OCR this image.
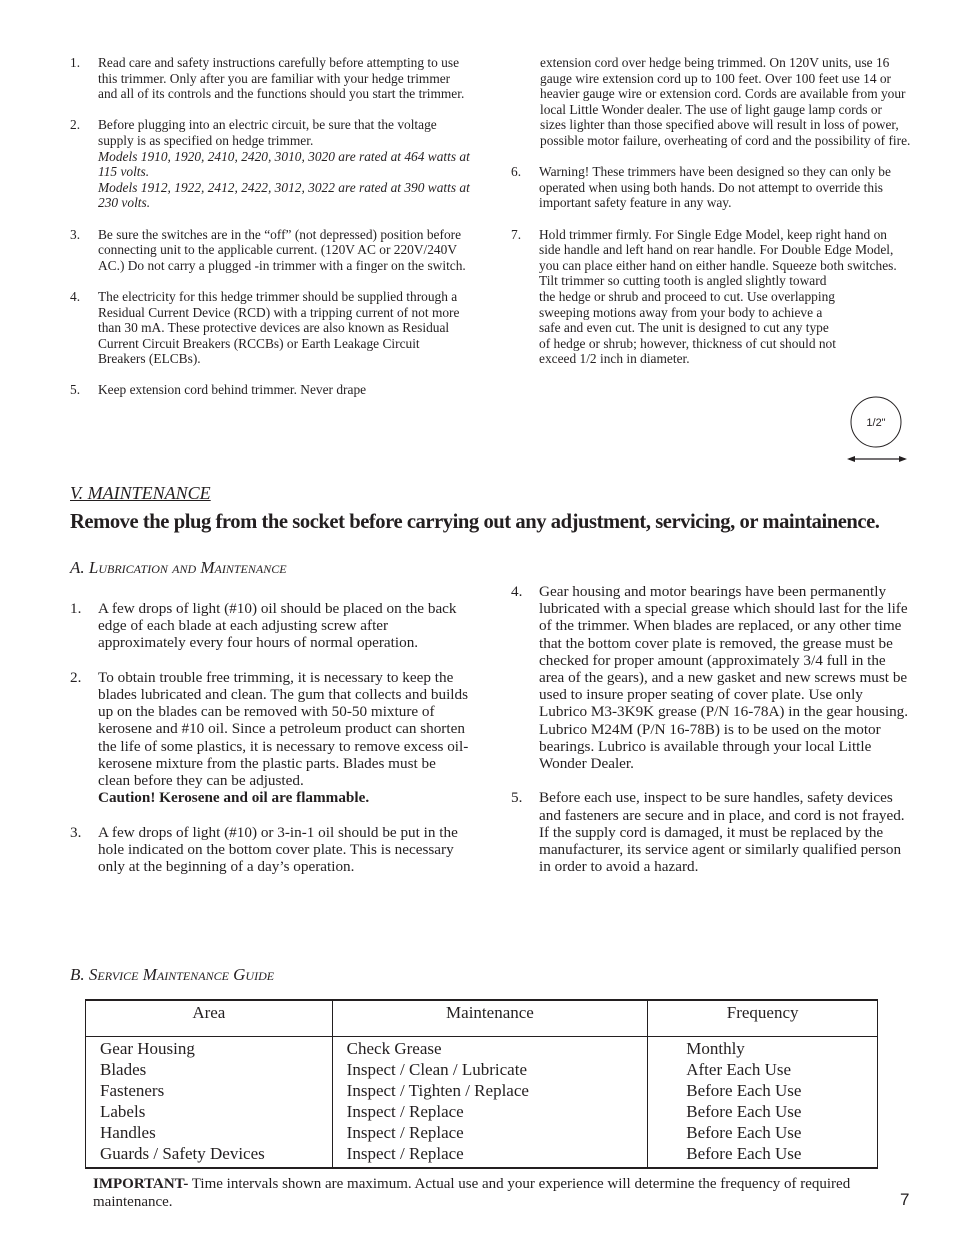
1. Read care and safety instructions carefully before attempting to use this trimmer. Only after you are familiar with your hedge trimmer and all of its controls and the functions should you start the trimmer.
2. Before plugging into an electric circuit, be sure that the voltage supply is as specified on hedge trimmer.
Models 1910, 1920, 2410, 2420, 3010, 3020 are rated at 464 watts at 115 volts.
Models 1912, 1922, 2412, 2422, 3012, 3022 are rated at 390 watts at 230 volts.
3. Be sure the switches are in the “off” (not depressed) position before connecting unit to the applicable current. (120V AC or 220V/240V AC.) Do not carry a plugged -in trimmer with a finger on the switch.
4. The electricity for this hedge trimmer should be supplied through a Residual Current Device (RCD) with a tripping current of not more than 30 mA. These protective devices are also known as Residual Current Circuit Breakers (RCCBs) or Earth Leakage Circuit Breakers (ELCBs).
5. Keep extension cord behind trimmer. Never drape
extension cord over hedge being trimmed. On 120V units, use 16 gauge wire extension cord up to 100 feet. Over 100 feet use 14 or heavier gauge wire or extension cord. Cords are available from your local Little Wonder dealer. The use of light gauge lamp cords or sizes lighter than those specified above will result in loss of power, possible motor failure, overheating of cord and the possibility of fire.
6. Warning! These trimmers have been designed so they can only be operated when using both hands. Do not attempt to override this important safety feature in any way.
7. Hold trimmer firmly. For Single Edge Model, keep right hand on side handle and left hand on rear handle. For Double Edge Model, you can place either hand on either handle. Squeeze both switches.

Tilt trimmer so cutting tooth is angled slightly toward the hedge or shrub and proceed to cut. Use overlapping sweeping motions away from your body to achieve a safe and even cut. The unit is designed to cut any type of hedge or shrub; however, thickness of cut should not exceed 1/2 inch in diameter.
1/2"
V. MAINTENANCE
Remove the plug from the socket before carrying out any adjustment, servicing, or maintainence.
A. Lubrication and Maintenance
1. A few drops of light (#10) oil should be placed on the back edge of each blade at each adjusting screw after approximately every four hours of normal operation.
2. To obtain trouble free trimming, it is necessary to keep the blades lubricated and clean. The gum that collects and builds up on the blades can be removed with 50-50 mixture of kerosene and #10 oil. Since a petroleum product can shorten the life of some plastics, it is necessary to remove excess oil-kerosene mixture from the plastic parts. Blades must be clean before they can be adjusted.
Caution! Kerosene and oil are flammable.
3. A few drops of light (#10) or 3-in-1 oil should be put in the hole indicated on the bottom cover plate. This is necessary only at the beginning of a day’s operation.
4. Gear housing and motor bearings have been permanently lubricated with a special grease which should last for the life of the trimmer. When blades are replaced, or any other time that the bottom cover plate is removed, the grease must be checked for proper amount (approximately 3/4 full in the area of the gears), and a new gasket and new screws must be used to insure proper seating of cover plate. Use only Lubrico M3-3K9K grease (P/N 16-78A) in the gear housing. Lubrico M24M (P/N 16-78B) is to be used on the motor bearings. Lubrico is available through your local Little Wonder Dealer.
5. Before each use, inspect to be sure handles, safety devices and fasteners are secure and in place, and cord is not frayed. If the supply cord is damaged, it must be replaced by the manufacturer, its service agent or similarly qualified person in order to avoid a hazard.
B. Service Maintenance Guide
Area	Maintenance	Frequency
Gear Housing	Check Grease	Monthly
Blades	Inspect / Clean / Lubricate	After Each Use
Fasteners	Inspect / Tighten / Replace	Before Each Use
Labels	Inspect / Replace	Before Each Use
Handles	Inspect / Replace	Before Each Use
Guards / Safety Devices	Inspect / Replace	Before Each Use
IMPORTANT- Time intervals shown are maximum. Actual use and your experience will determine the frequency of required maintenance.	7
